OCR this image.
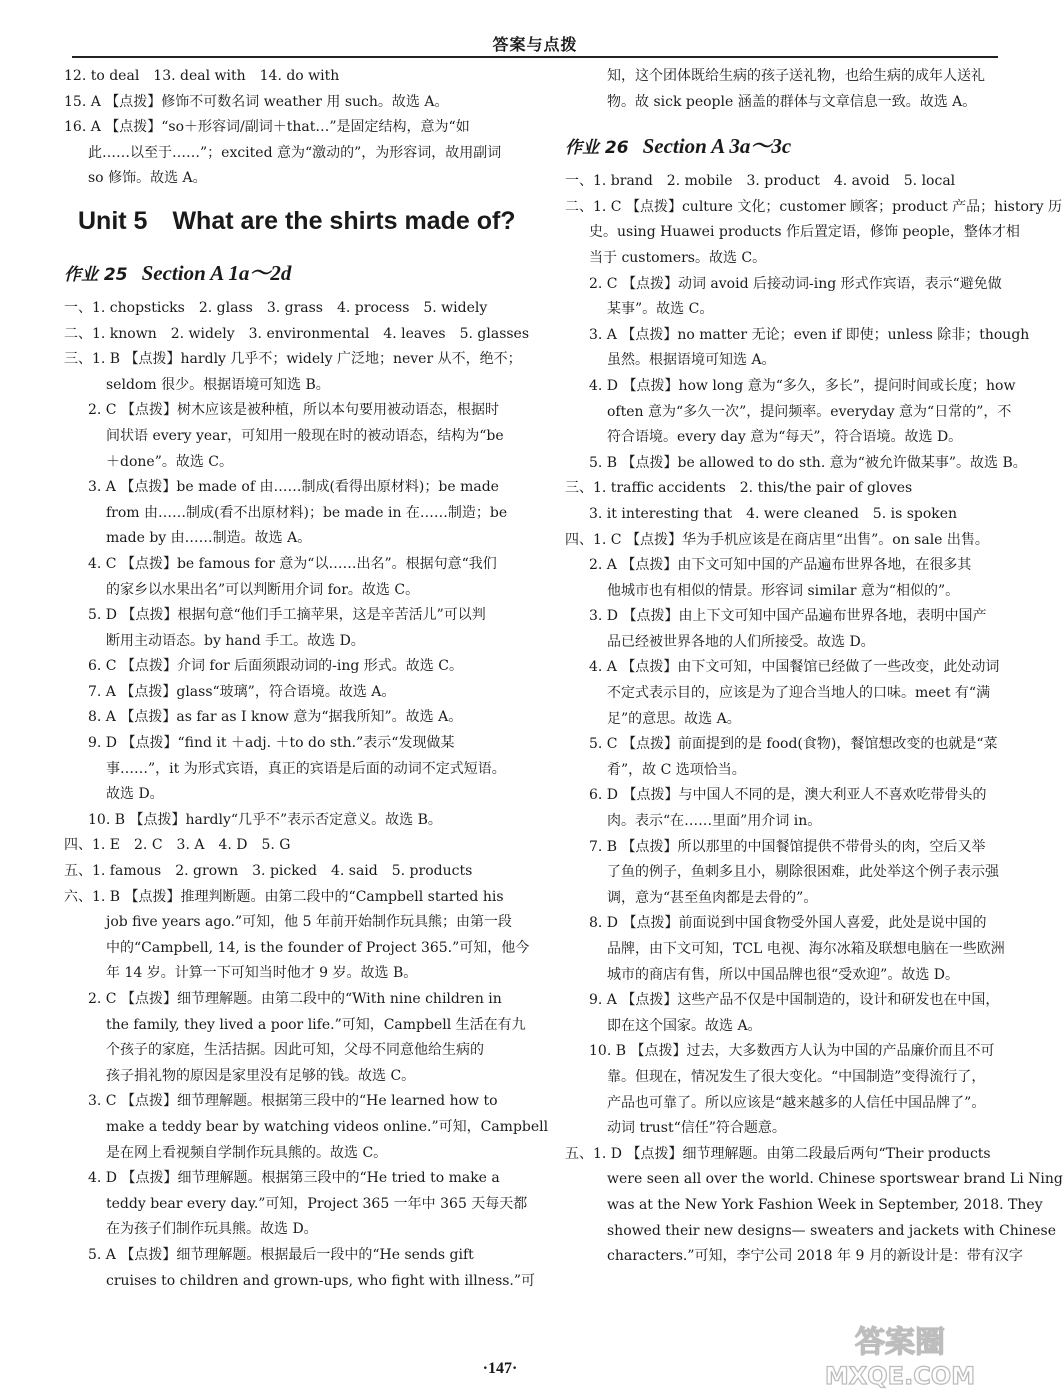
答案与点拨
12. to deal　13. deal with　14. do with
15. A 【点拨】修饰不可数名词 weather 用 such。故选 A。
16. A 【点拨】“so＋形容词/副词＋that…”是固定结构，意为“如
此……以至于……”；excited 意为“激动的”，为形容词，故用副词
so 修饰。故选 A。
Unit 5　What are the shirts made of?
作业 25 Section A 1a～2d
一、1. chopsticks　2. glass　3. grass　4. process　5. widely
二、1. known　2. widely　3. environmental　4. leaves　5. glasses
三、1. B 【点拨】hardly 几乎不；widely 广泛地；never 从不，绝不；
seldom 很少。根据语境可知选 B。
2. C 【点拨】树木应该是被种植，所以本句要用被动语态，根据时
间状语 every year，可知用一般现在时的被动语态，结构为“be
＋done”。故选 C。
3. A 【点拨】be made of 由……制成(看得出原材料)；be made
from 由……制成(看不出原材料)；be made in 在……制造；be
made by 由……制造。故选 A。
4. C 【点拨】be famous for 意为“以……出名”。根据句意“我们
的家乡以水果出名”可以判断用介词 for。故选 C。
5. D 【点拨】根据句意“他们手工摘苹果，这是辛苦活儿”可以判
断用主动语态。by hand 手工。故选 D。
6. C 【点拨】介词 for 后面须跟动词的-ing 形式。故选 C。
7. A 【点拨】glass“玻璃”，符合语境。故选 A。
8. A 【点拨】as far as I know 意为“据我所知”。故选 A。
9. D 【点拨】“find it ＋adj. ＋to do sth.”表示“发现做某
事……”，it 为形式宾语，真正的宾语是后面的动词不定式短语。
故选 D。
10. B 【点拨】hardly“几乎不”表示否定意义。故选 B。
四、1. E　2. C　3. A　4. D　5. G
五、1. famous　2. grown　3. picked　4. said　5. products
六、1. B 【点拨】推理判断题。由第二段中的“Campbell started his
job five years ago.”可知，他 5 年前开始制作玩具熊；由第一段
中的“Campbell, 14, is the founder of Project 365.”可知，他今
年 14 岁。计算一下可知当时他才 9 岁。故选 B。
2. C 【点拨】细节理解题。由第二段中的“With nine children in
the family, they lived a poor life.”可知，Campbell 生活在有九
个孩子的家庭，生活拮据。因此可知，父母不同意他给生病的
孩子捐礼物的原因是家里没有足够的钱。故选 C。
3. C 【点拨】细节理解题。根据第三段中的“He learned how to
make a teddy bear by watching videos online.”可知，Campbell
是在网上看视频自学制作玩具熊的。故选 C。
4. D 【点拨】细节理解题。根据第三段中的“He tried to make a
teddy bear every day.”可知，Project 365 一年中 365 天每天都
在为孩子们制作玩具熊。故选 D。
5. A 【点拨】细节理解题。根据最后一段中的“He sends gift
cruises to children and grown-ups, who fight with illness.”可
知，这个团体既给生病的孩子送礼物，也给生病的成年人送礼
物。故 sick people 涵盖的群体与文章信息一致。故选 A。
作业 26 Section A 3a～3c
一、1. brand　2. mobile　3. product　4. avoid　5. local
二、1. C 【点拨】culture 文化；customer 顾客；product 产品；history 历
史。using Huawei products 作后置定语，修饰 people，整体才相
当于 customers。故选 C。
2. C 【点拨】动词 avoid 后接动词-ing 形式作宾语，表示“避免做
某事”。故选 C。
3. A 【点拨】no matter 无论；even if 即使；unless 除非；though
虽然。根据语境可知选 A。
4. D 【点拨】how long 意为“多久，多长”，提问时间或长度；how
often 意为“多久一次”，提问频率。everyday 意为“日常的”，不
符合语境。every day 意为“每天”，符合语境。故选 D。
5. B 【点拨】be allowed to do sth. 意为“被允许做某事”。故选 B。
三、1. traffic accidents　2. this/the pair of gloves
3. it interesting that　4. were cleaned　5. is spoken
四、1. C 【点拨】华为手机应该是在商店里“出售”。on sale 出售。
2. A 【点拨】由下文可知中国的产品遍布世界各地，在很多其
他城市也有相似的情景。形容词 similar 意为“相似的”。
3. D 【点拨】由上下文可知中国产品遍布世界各地，表明中国产
品已经被世界各地的人们所接受。故选 D。
4. A 【点拨】由下文可知，中国餐馆已经做了一些改变，此处动词
不定式表示目的，应该是为了迎合当地人的口味。meet 有“满
足”的意思。故选 A。
5. C 【点拨】前面提到的是 food(食物)，餐馆想改变的也就是“菜
肴”，故 C 选项恰当。
6. D 【点拨】与中国人不同的是，澳大利亚人不喜欢吃带骨头的
肉。表示“在……里面”用介词 in。
7. B 【点拨】所以那里的中国餐馆提供不带骨头的肉，空后又举
了鱼的例子，鱼刺多且小，剔除很困难，此处举这个例子表示强
调，意为“甚至鱼肉都是去骨的”。
8. D 【点拨】前面说到中国食物受外国人喜爱，此处是说中国的
品牌，由下文可知，TCL 电视、海尔冰箱及联想电脑在一些欧洲
城市的商店有售，所以中国品牌也很“受欢迎”。故选 D。
9. A 【点拨】这些产品不仅是中国制造的，设计和研发也在中国，
即在这个国家。故选 A。
10. B 【点拨】过去，大多数西方人认为中国的产品廉价而且不可
靠。但现在，情况发生了很大变化。“中国制造”变得流行了，
产品也可靠了。所以应该是“越来越多的人信任中国品牌了”。
动词 trust“信任”符合题意。
五、1. D 【点拨】细节理解题。由第二段最后两句“Their products
were seen all over the world. Chinese sportswear brand Li Ning
was at the New York Fashion Week in September, 2018. They
showed their new designs— sweaters and jackets with Chinese
characters.”可知，李宁公司 2018 年 9 月的新设计是：带有汉字
·147·
答案圈
MXQE.COM
